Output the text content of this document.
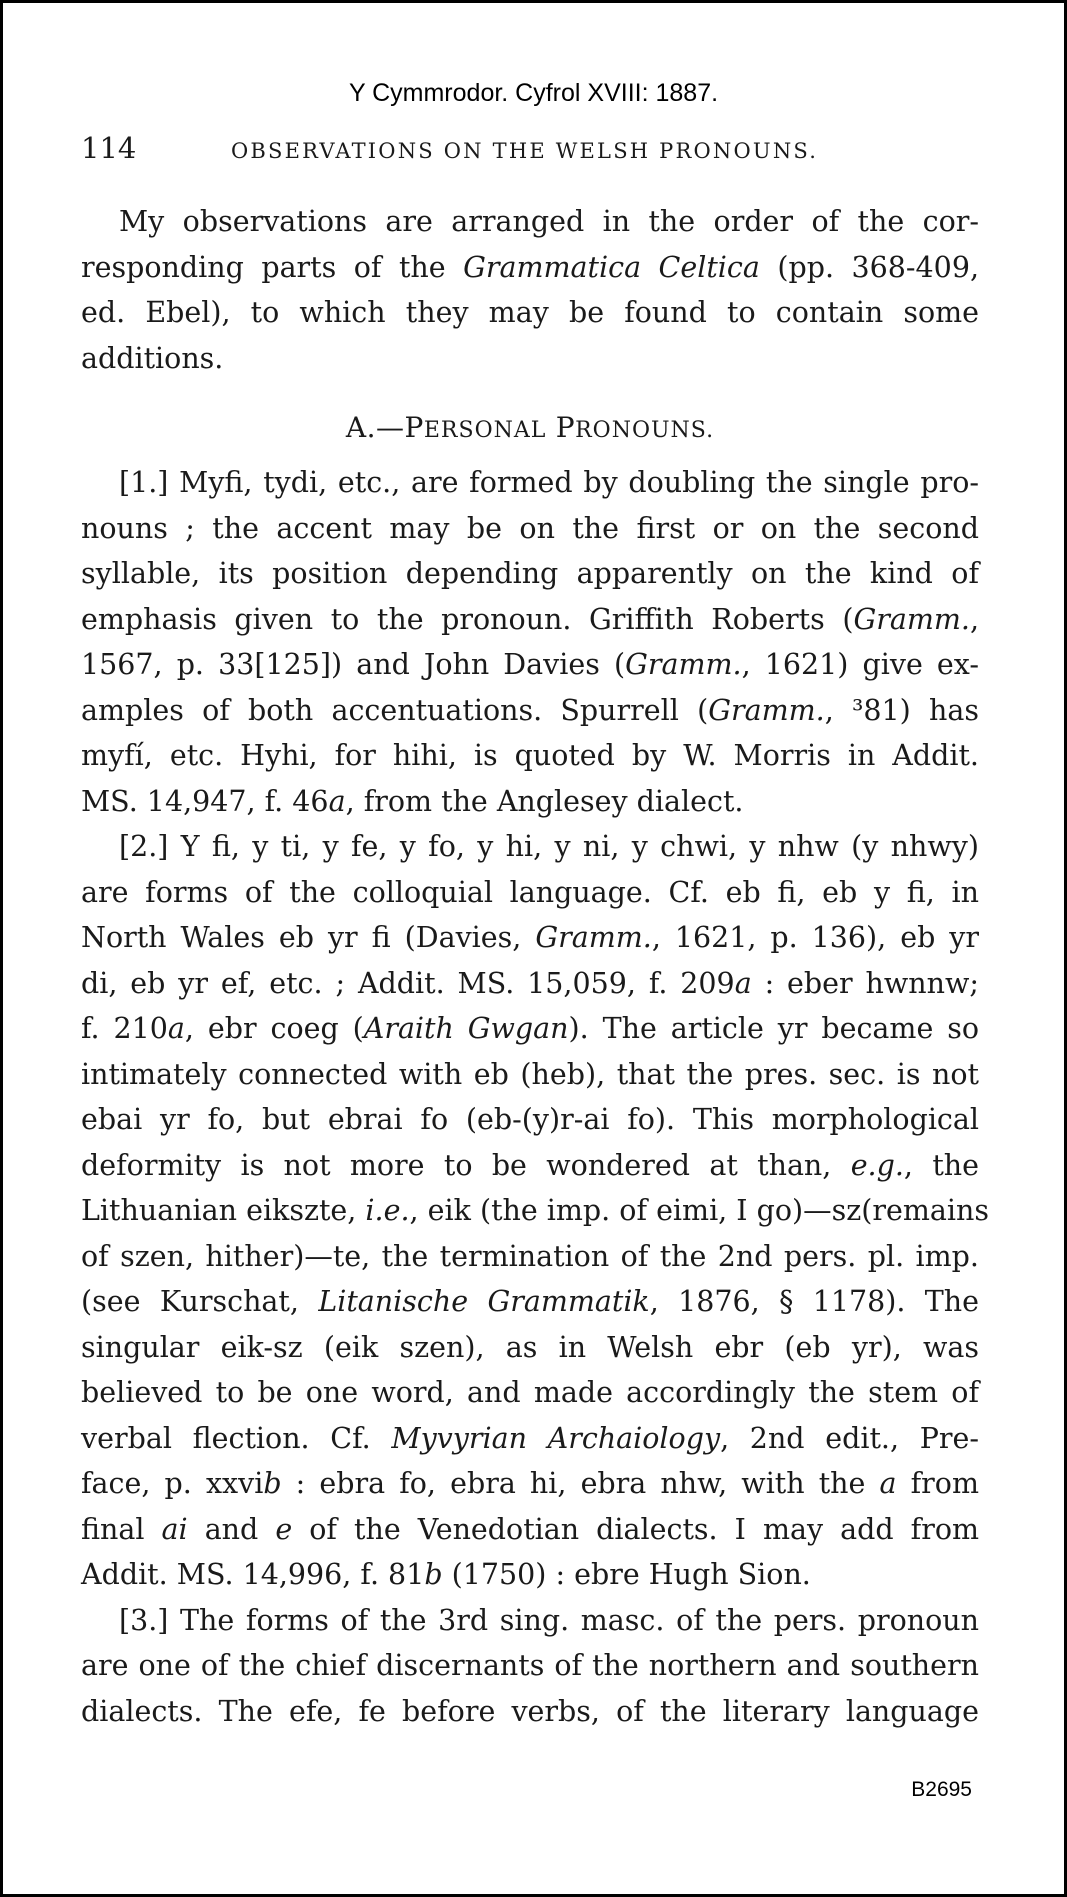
Y Cymmrodor. Cyfrol XVIII: 1887.
114	OBSERVATIONS ON THE WELSH PRONOUNS.
My observations are arranged in the order of the cor-
responding parts of the Grammatica Celtica (pp. 368-409,
ed. Ebel), to which they may be found to contain some
additions.
A.—PERSONAL PRONOUNS.
[1.] Myfi, tydi, etc., are formed by doubling the single pro-
nouns ; the accent may be on the first or on the second
syllable, its position depending apparently on the kind of
emphasis given to the pronoun. Griffith Roberts (Gramm.,
1567, p. 33[125]) and John Davies (Gramm., 1621) give ex-
amples of both accentuations. Spurrell (Gramm., ³81) has
myfí, etc. Hyhi, for hihi, is quoted by W. Morris in Addit.
MS. 14,947, f. 46a, from the Anglesey dialect.
[2.] Y fi, y ti, y fe, y fo, y hi, y ni, y chwi, y nhw (y nhwy)
are forms of the colloquial language. Cf. eb fi, eb y fi, in
North Wales eb yr fi (Davies, Gramm., 1621, p. 136), eb yr
di, eb yr ef, etc. ; Addit. MS. 15,059, f. 209a : eber hwnnw;
f. 210a, ebr coeg (Araith Gwgan). The article yr became so
intimately connected with eb (heb), that the pres. sec. is not
ebai yr fo, but ebrai fo (eb-(y)r-ai fo). This morphological
deformity is not more to be wondered at than, e.g., the
Lithuanian eikszte, i.e., eik (the imp. of eimi, I go)—sz(remains
of szen, hither)—te, the termination of the 2nd pers. pl. imp.
(see Kurschat, Litanische Grammatik, 1876, § 1178). The
singular eik-sz (eik szen), as in Welsh ebr (eb yr), was
believed to be one word, and made accordingly the stem of
verbal flection. Cf. Myvyrian Archaiology, 2nd edit., Pre-
face, p. xxvib : ebra fo, ebra hi, ebra nhw, with the a from
final ai and e of the Venedotian dialects. I may add from
Addit. MS. 14,996, f. 81b (1750) : ebre Hugh Sion.
[3.] The forms of the 3rd sing. masc. of the pers. pronoun
are one of the chief discernants of the northern and southern
dialects. The efe, fe before verbs, of the literary language
B2695
